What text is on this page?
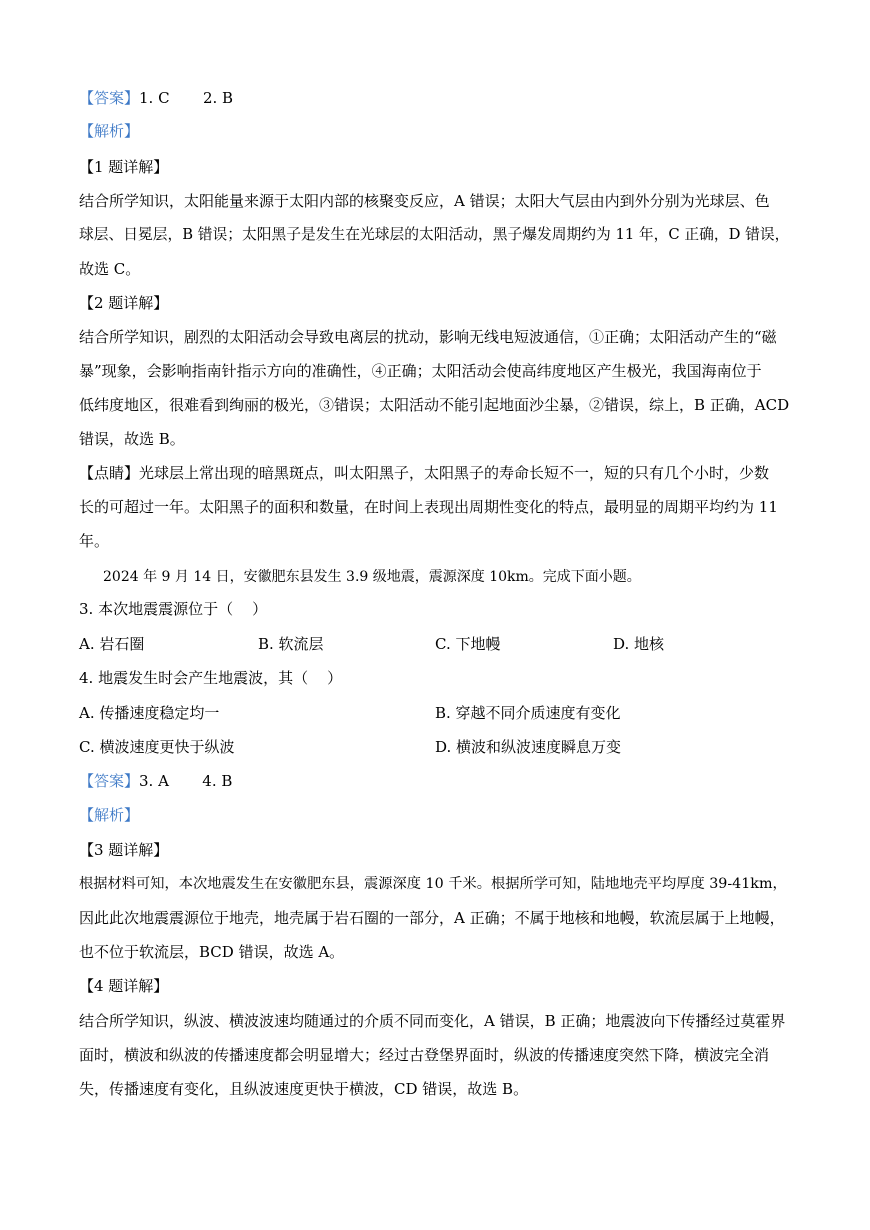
【答案】1. C       2. B
【解析】
【1 题详解】
结合所学知识，太阳能量来源于太阳内部的核聚变反应，A 错误；太阳大气层由内到外分别为光球层、色
球层、日冕层，B 错误；太阳黑子是发生在光球层的太阳活动，黑子爆发周期约为 11 年，C 正确，D 错误，
故选 C。
【2 题详解】
结合所学知识，剧烈的太阳活动会导致电离层的扰动，影响无线电短波通信，①正确；太阳活动产生的“磁
暴”现象，会影响指南针指示方向的准确性，④正确；太阳活动会使高纬度地区产生极光，我国海南位于
低纬度地区，很难看到绚丽的极光，③错误；太阳活动不能引起地面沙尘暴，②错误，综上，B 正确，ACD
错误，故选 B。
【点睛】光球层上常出现的暗黑斑点，叫太阳黑子，太阳黑子的寿命长短不一，短的只有几个小时，少数
长的可超过一年。太阳黑子的面积和数量，在时间上表现出周期性变化的特点，最明显的周期平均约为 11
年。
2024 年 9 月 14 日，安徽肥东县发生 3.9 级地震，震源深度 10km。完成下面小题。
3. 本次地震震源位于（    ）
A. 岩石圈	B. 软流层	C. 下地幔	D. 地核
4. 地震发生时会产生地震波，其（    ）
A. 传播速度稳定均一	B. 穿越不同介质速度有变化
C. 横波速度更快于纵波	D. 横波和纵波速度瞬息万变
【答案】3. A       4. B
【解析】
【3 题详解】
根据材料可知，本次地震发生在安徽肥东县，震源深度 10 千米。根据所学可知，陆地地壳平均厚度 39-41km，
因此此次地震震源位于地壳，地壳属于岩石圈的一部分，A 正确；不属于地核和地幔，软流层属于上地幔，
也不位于软流层，BCD 错误，故选 A。
【4 题详解】
结合所学知识，纵波、横波波速均随通过的介质不同而变化，A 错误，B 正确；地震波向下传播经过莫霍界
面时，横波和纵波的传播速度都会明显增大；经过古登堡界面时，纵波的传播速度突然下降，横波完全消
失，传播速度有变化，且纵波速度更快于横波，CD 错误，故选 B。
